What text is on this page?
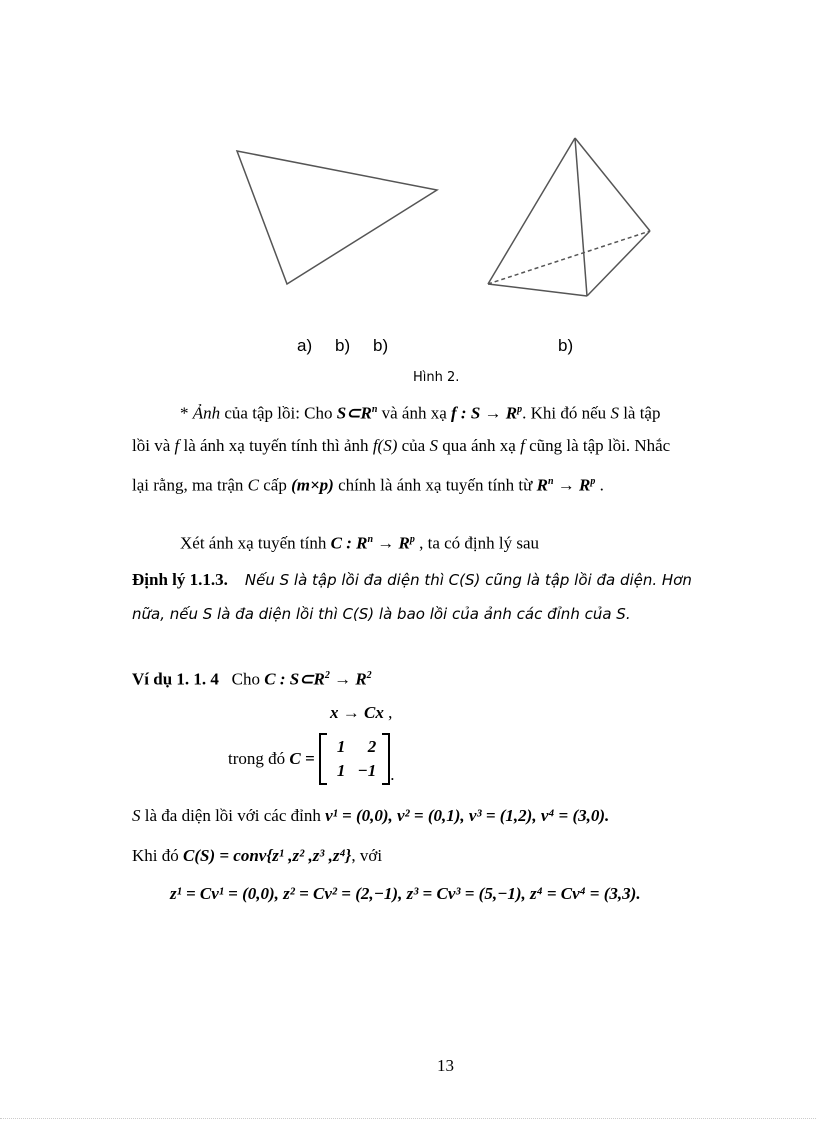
a) b) b)	b)
Hình 2.
* Ảnh của tập lồi: Cho $S\subset R^n$ và ánh xạ f : $S \to R^p$. Khi đó nếu S là tập
lồi và f là ánh xạ tuyến tính thì ảnh f(S) của S qua ánh xạ f cũng là tập lồi. Nhắc
lại rằng, ma trận C cấp (m×p) chính là ánh xạ tuyến tính từ $R^n \to R^p$ .
Xét ánh xạ tuyến tính C : $R^n \to R^p$ , ta có định lý sau
Định lý 1.1.3. Nếu S là tập lồi đa diện thì C(S) cũng là tập lồi đa diện. Hơn
nữa, nếu S là đa diện lồi thì C(S) là bao lồi của ảnh các đỉnh của S.
Ví dụ 1. 1. 4 Cho C : $S\subset R^2 \to R^2$
x → Cx ,
trong đó C =
1	2
1	−1 .
S là đa diện lồi với các đỉnh v¹ = (0,0), v² = (0,1), v³ = (1,2), v⁴ = (3,0).
Khi đó C(S) = conv{z¹ ,z² ,z³ ,z⁴}, với
z¹ = Cv¹ = (0,0), z² = Cv² = (2,−1), z³ = Cv³ = (5,−1), z⁴ = Cv⁴ = (3,3).
13
